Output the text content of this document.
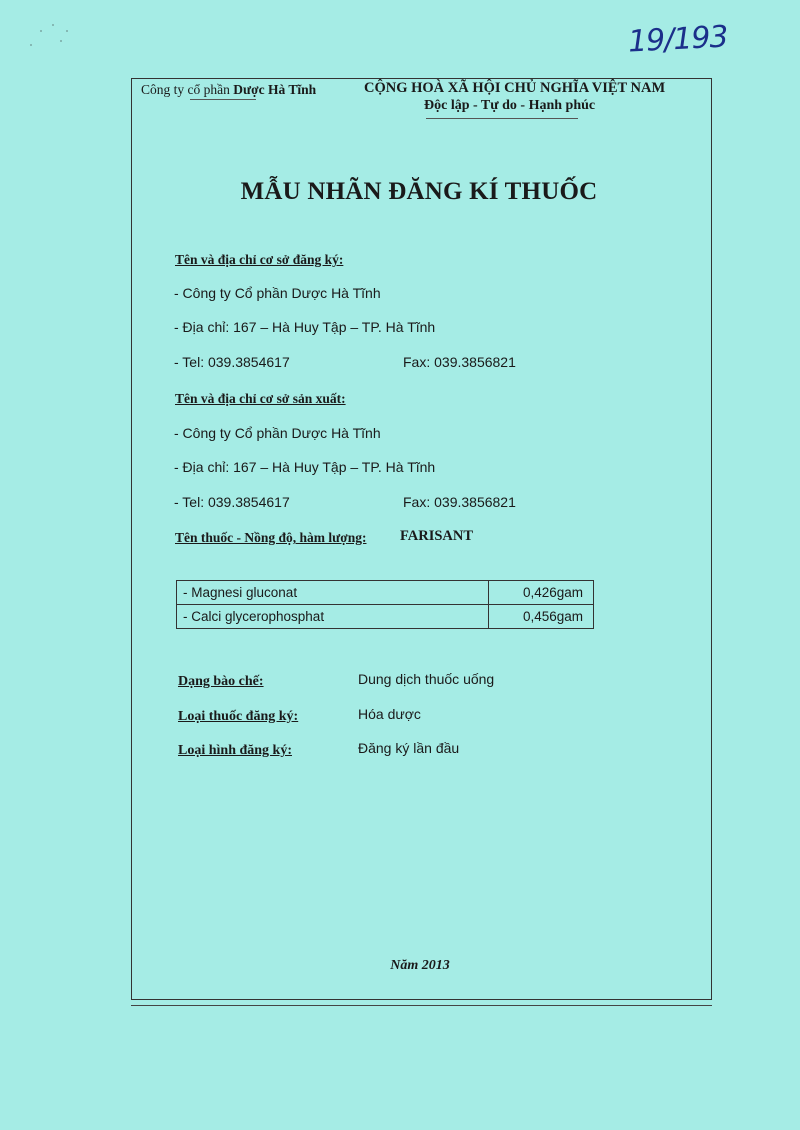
19/193
Công ty cổ phần Dược Hà Tĩnh	CỘNG HOÀ XÃ HỘI CHỦ NGHĨA VIỆT NAM
Độc lập - Tự do - Hạnh phúc
MẪU NHÃN ĐĂNG KÍ THUỐC
Tên và địa chỉ cơ sở đăng ký:
- Công ty Cổ phần Dược Hà Tĩnh
- Địa chỉ: 167 – Hà Huy Tập – TP. Hà Tĩnh
- Tel: 039.3854617	Fax: 039.3856821
Tên và địa chỉ cơ sở sản xuất:
- Công ty Cổ phần Dược Hà Tĩnh
- Địa chỉ: 167 – Hà Huy Tập – TP. Hà Tĩnh
- Tel: 039.3854617	Fax: 039.3856821
Tên thuốc - Nồng độ, hàm lượng: FARISANT
- Magnesi gluconat	0,426gam
- Calci glycerophosphat	0,456gam
Dạng bào chế:	Dung dịch thuốc uống
Loại thuốc đăng ký:	Hóa dược
Loại hình đăng ký:	Đăng ký lần đầu
Năm 2013
